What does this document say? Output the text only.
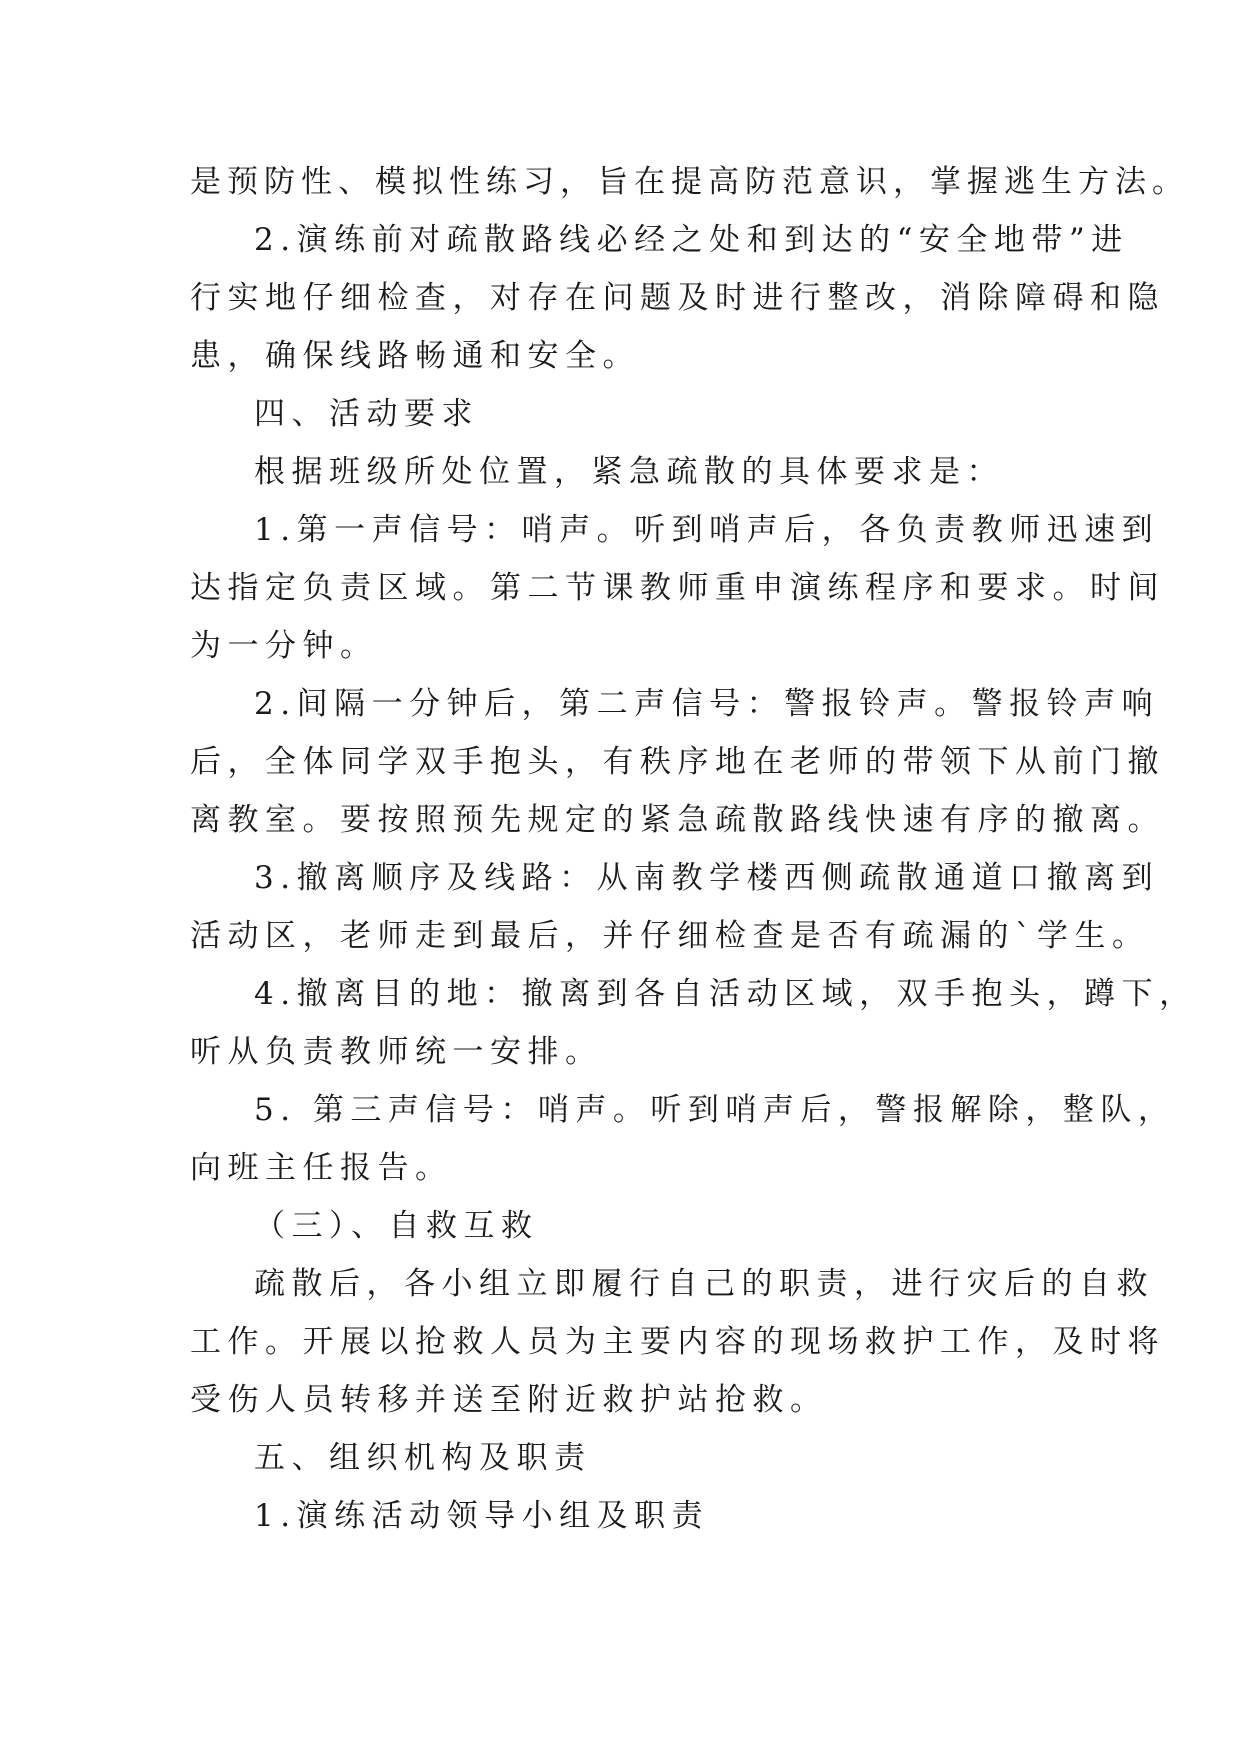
是预防性、模拟性练习，旨在提高防范意识，掌握逃生方法。

2.演练前对疏散路线必经之处和到达的“安全地带”进

行实地仔细检查，对存在问题及时进行整改，消除障碍和隐

患，确保线路畅通和安全。

四、活动要求

根据班级所处位置，紧急疏散的具体要求是：

1.第一声信号：哨声。听到哨声后，各负责教师迅速到

达指定负责区域。第二节课教师重申演练程序和要求。时间

为一分钟。

2.间隔一分钟后，第二声信号：警报铃声。警报铃声响

后，全体同学双手抱头，有秩序地在老师的带领下从前门撤

离教室。要按照预先规定的紧急疏散路线快速有序的撤离。

3.撤离顺序及线路：从南教学楼西侧疏散通道口撤离到

活动区，老师走到最后，并仔细检查是否有疏漏的`学生。

4.撤离目的地：撤离到各自活动区域，双手抱头，蹲下，

听从负责教师统一安排。

5. 第三声信号：哨声。听到哨声后，警报解除，整队，

向班主任报告。

（三）、自救互救

疏散后，各小组立即履行自己的职责，进行灾后的自救

工作。开展以抢救人员为主要内容的现场救护工作，及时将

受伤人员转移并送至附近救护站抢救。

五、组织机构及职责

1.演练活动领导小组及职责
